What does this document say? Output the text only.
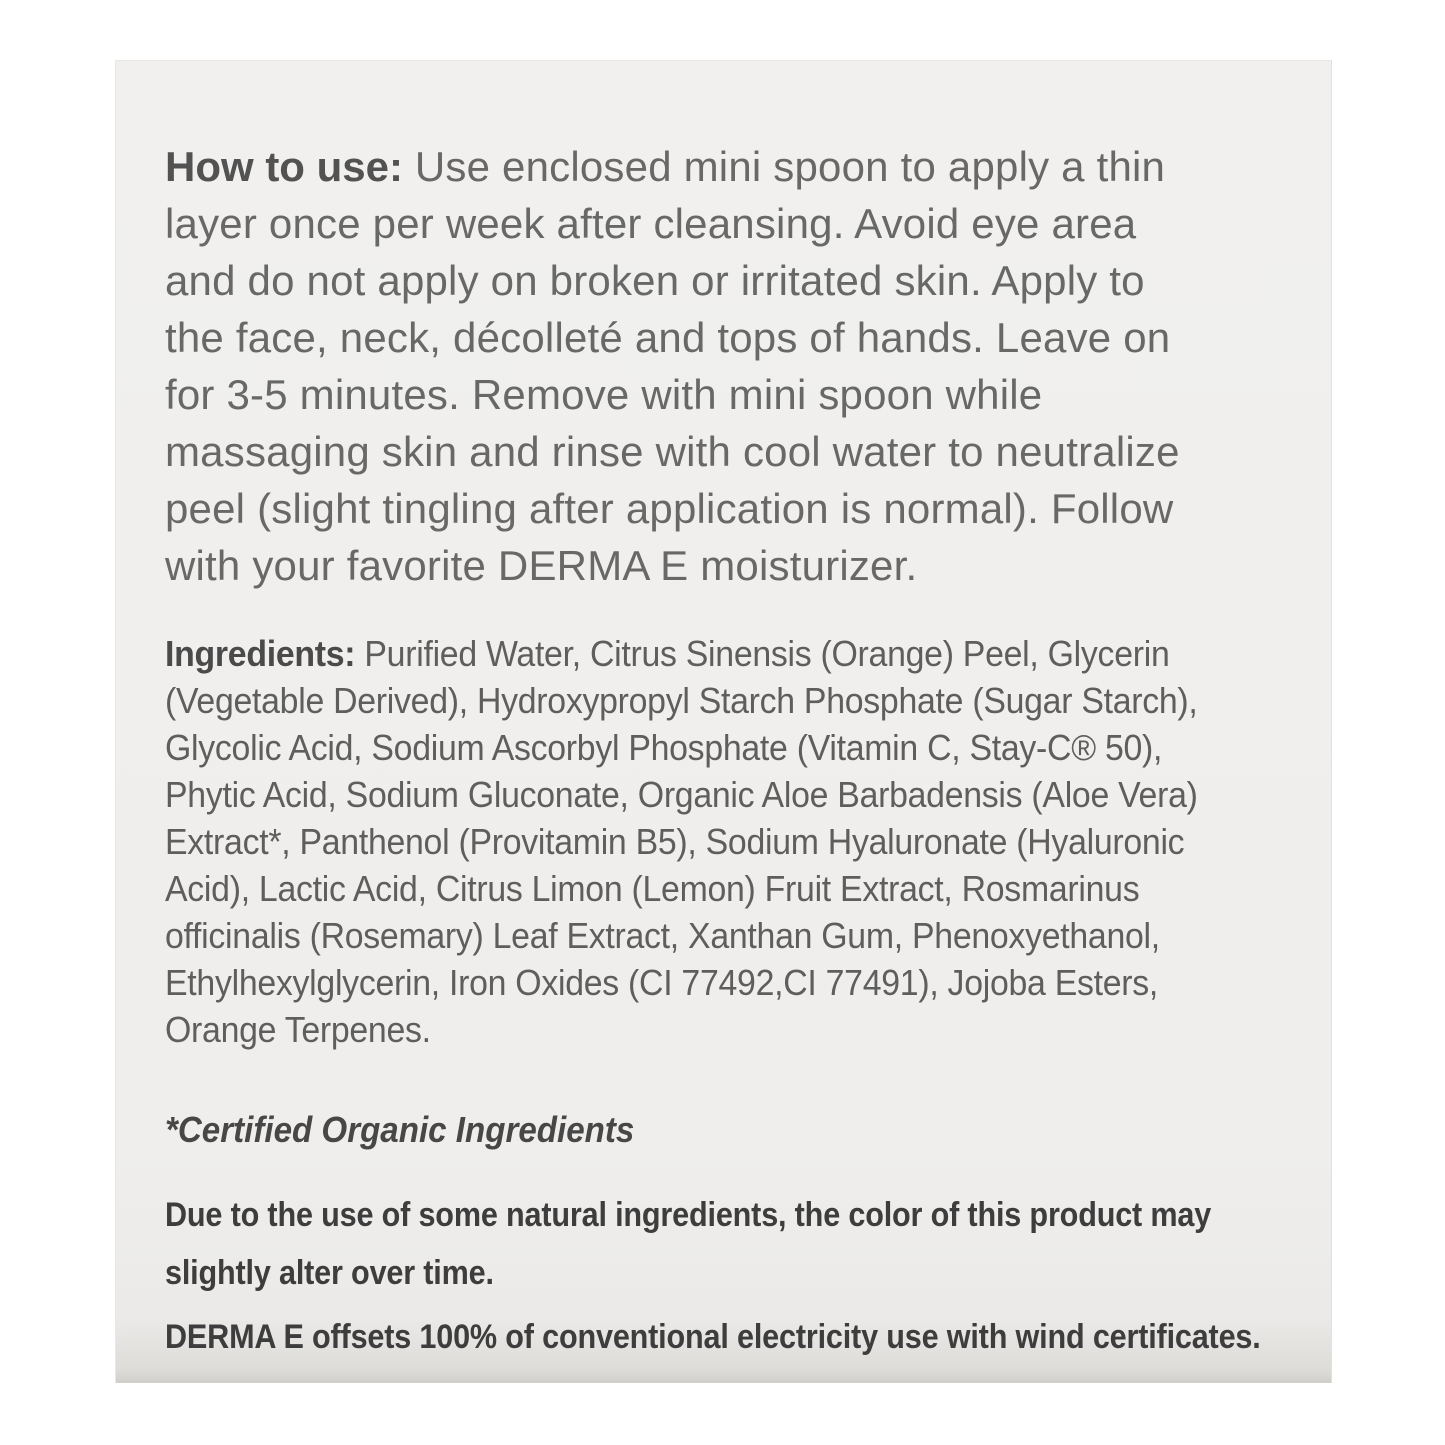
How to use: Use enclosed mini spoon to apply a thin
layer once per week after cleansing. Avoid eye area
and do not apply on broken or irritated skin. Apply to
the face, neck, décolleté and tops of hands. Leave on
for 3-5 minutes. Remove with mini spoon while
massaging skin and rinse with cool water to neutralize
peel (slight tingling after application is normal). Follow
with your favorite DERMA E moisturizer.
Ingredients: Purified Water, Citrus Sinensis (Orange) Peel, Glycerin
(Vegetable Derived), Hydroxypropyl Starch Phosphate (Sugar Starch),
Glycolic Acid, Sodium Ascorbyl Phosphate (Vitamin C, Stay-C® 50),
Phytic Acid, Sodium Gluconate, Organic Aloe Barbadensis (Aloe Vera)
Extract*, Panthenol (Provitamin B5), Sodium Hyaluronate (Hyaluronic
Acid), Lactic Acid, Citrus Limon (Lemon) Fruit Extract, Rosmarinus
officinalis (Rosemary) Leaf Extract, Xanthan Gum, Phenoxyethanol,
Ethylhexylglycerin, Iron Oxides (CI 77492,CI 77491), Jojoba Esters,
Orange Terpenes.
*Certified Organic Ingredients
Due to the use of some natural ingredients, the color of this product may
slightly alter over time.
DERMA E offsets 100% of conventional electricity use with wind certificates.
